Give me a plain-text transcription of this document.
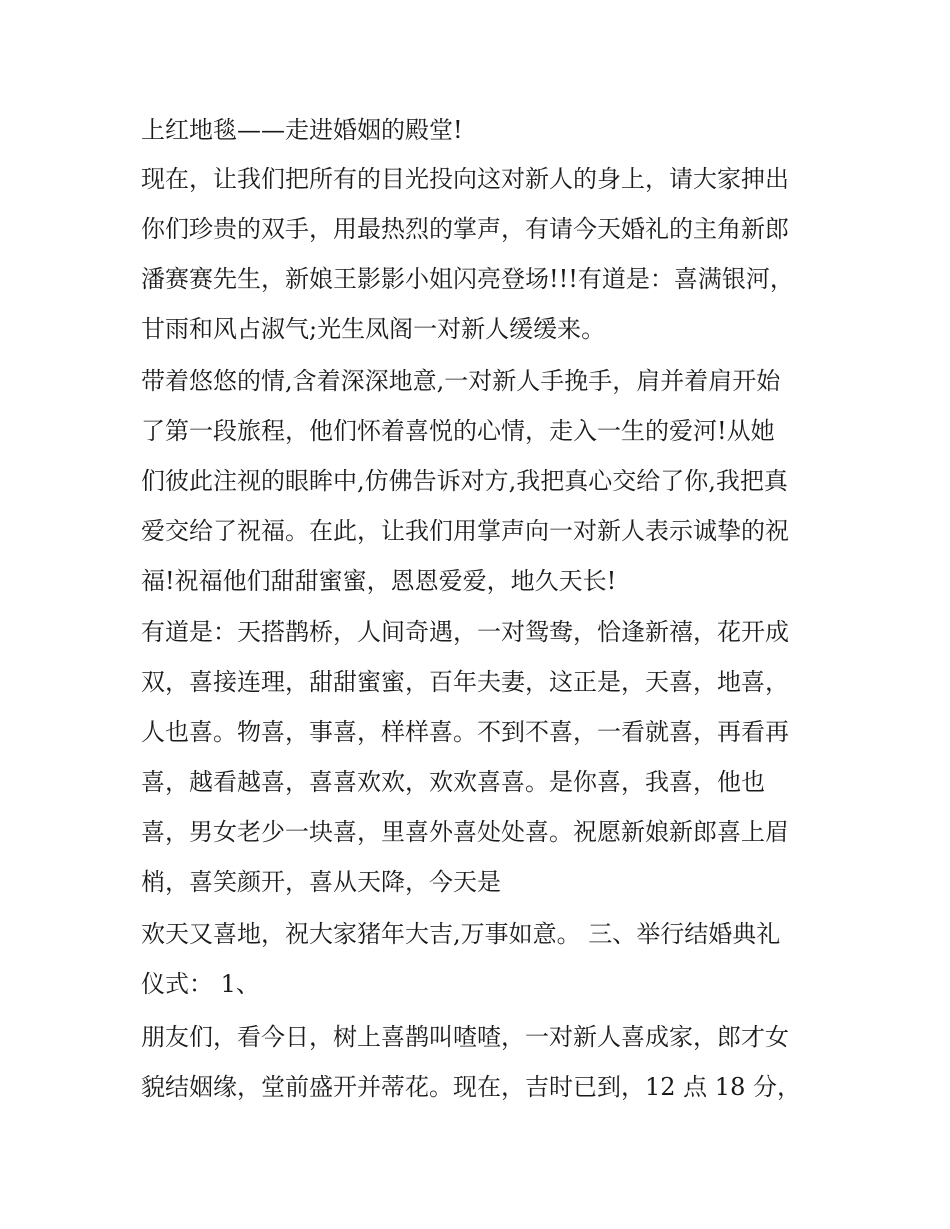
上红地毯——走进婚姻的殿堂!
现在，让我们把所有的目光投向这对新人的身上，请大家抻出
你们珍贵的双手，用最热烈的掌声，有请今天婚礼的主角新郎
潘赛赛先生，新娘王影影小姐闪亮登场!!!有道是：喜满银河，
甘雨和风占淑气;光生凤阁一对新人缓缓来。
带着悠悠的情,含着深深地意,一对新人手挽手，肩并着肩开始
了第一段旅程，他们怀着喜悦的心情，走入一生的爱河!从她
们彼此注视的眼眸中,仿佛告诉对方,我把真心交给了你,我把真
爱交给了祝福。在此，让我们用掌声向一对新人表示诚挚的祝
福!祝福他们甜甜蜜蜜，恩恩爱爱，地久天长!
有道是：天搭鹊桥，人间奇遇，一对鸳鸯，恰逢新禧，花开成
双，喜接连理，甜甜蜜蜜，百年夫妻，这正是，天喜，地喜，
人也喜。物喜，事喜，样样喜。不到不喜，一看就喜，再看再
喜，越看越喜，喜喜欢欢，欢欢喜喜。是你喜，我喜，他也
喜，男女老少一块喜，里喜外喜处处喜。祝愿新娘新郎喜上眉
梢，喜笑颜开，喜从天降，今天是
欢天又喜地，祝大家猪年大吉,万事如意。 三、举行结婚典礼
仪式： 1、
朋友们，看今日，树上喜鹊叫喳喳，一对新人喜成家，郎才女
貌结姻缘，堂前盛开并蒂花。现在，吉时已到，12 点 18 分，
